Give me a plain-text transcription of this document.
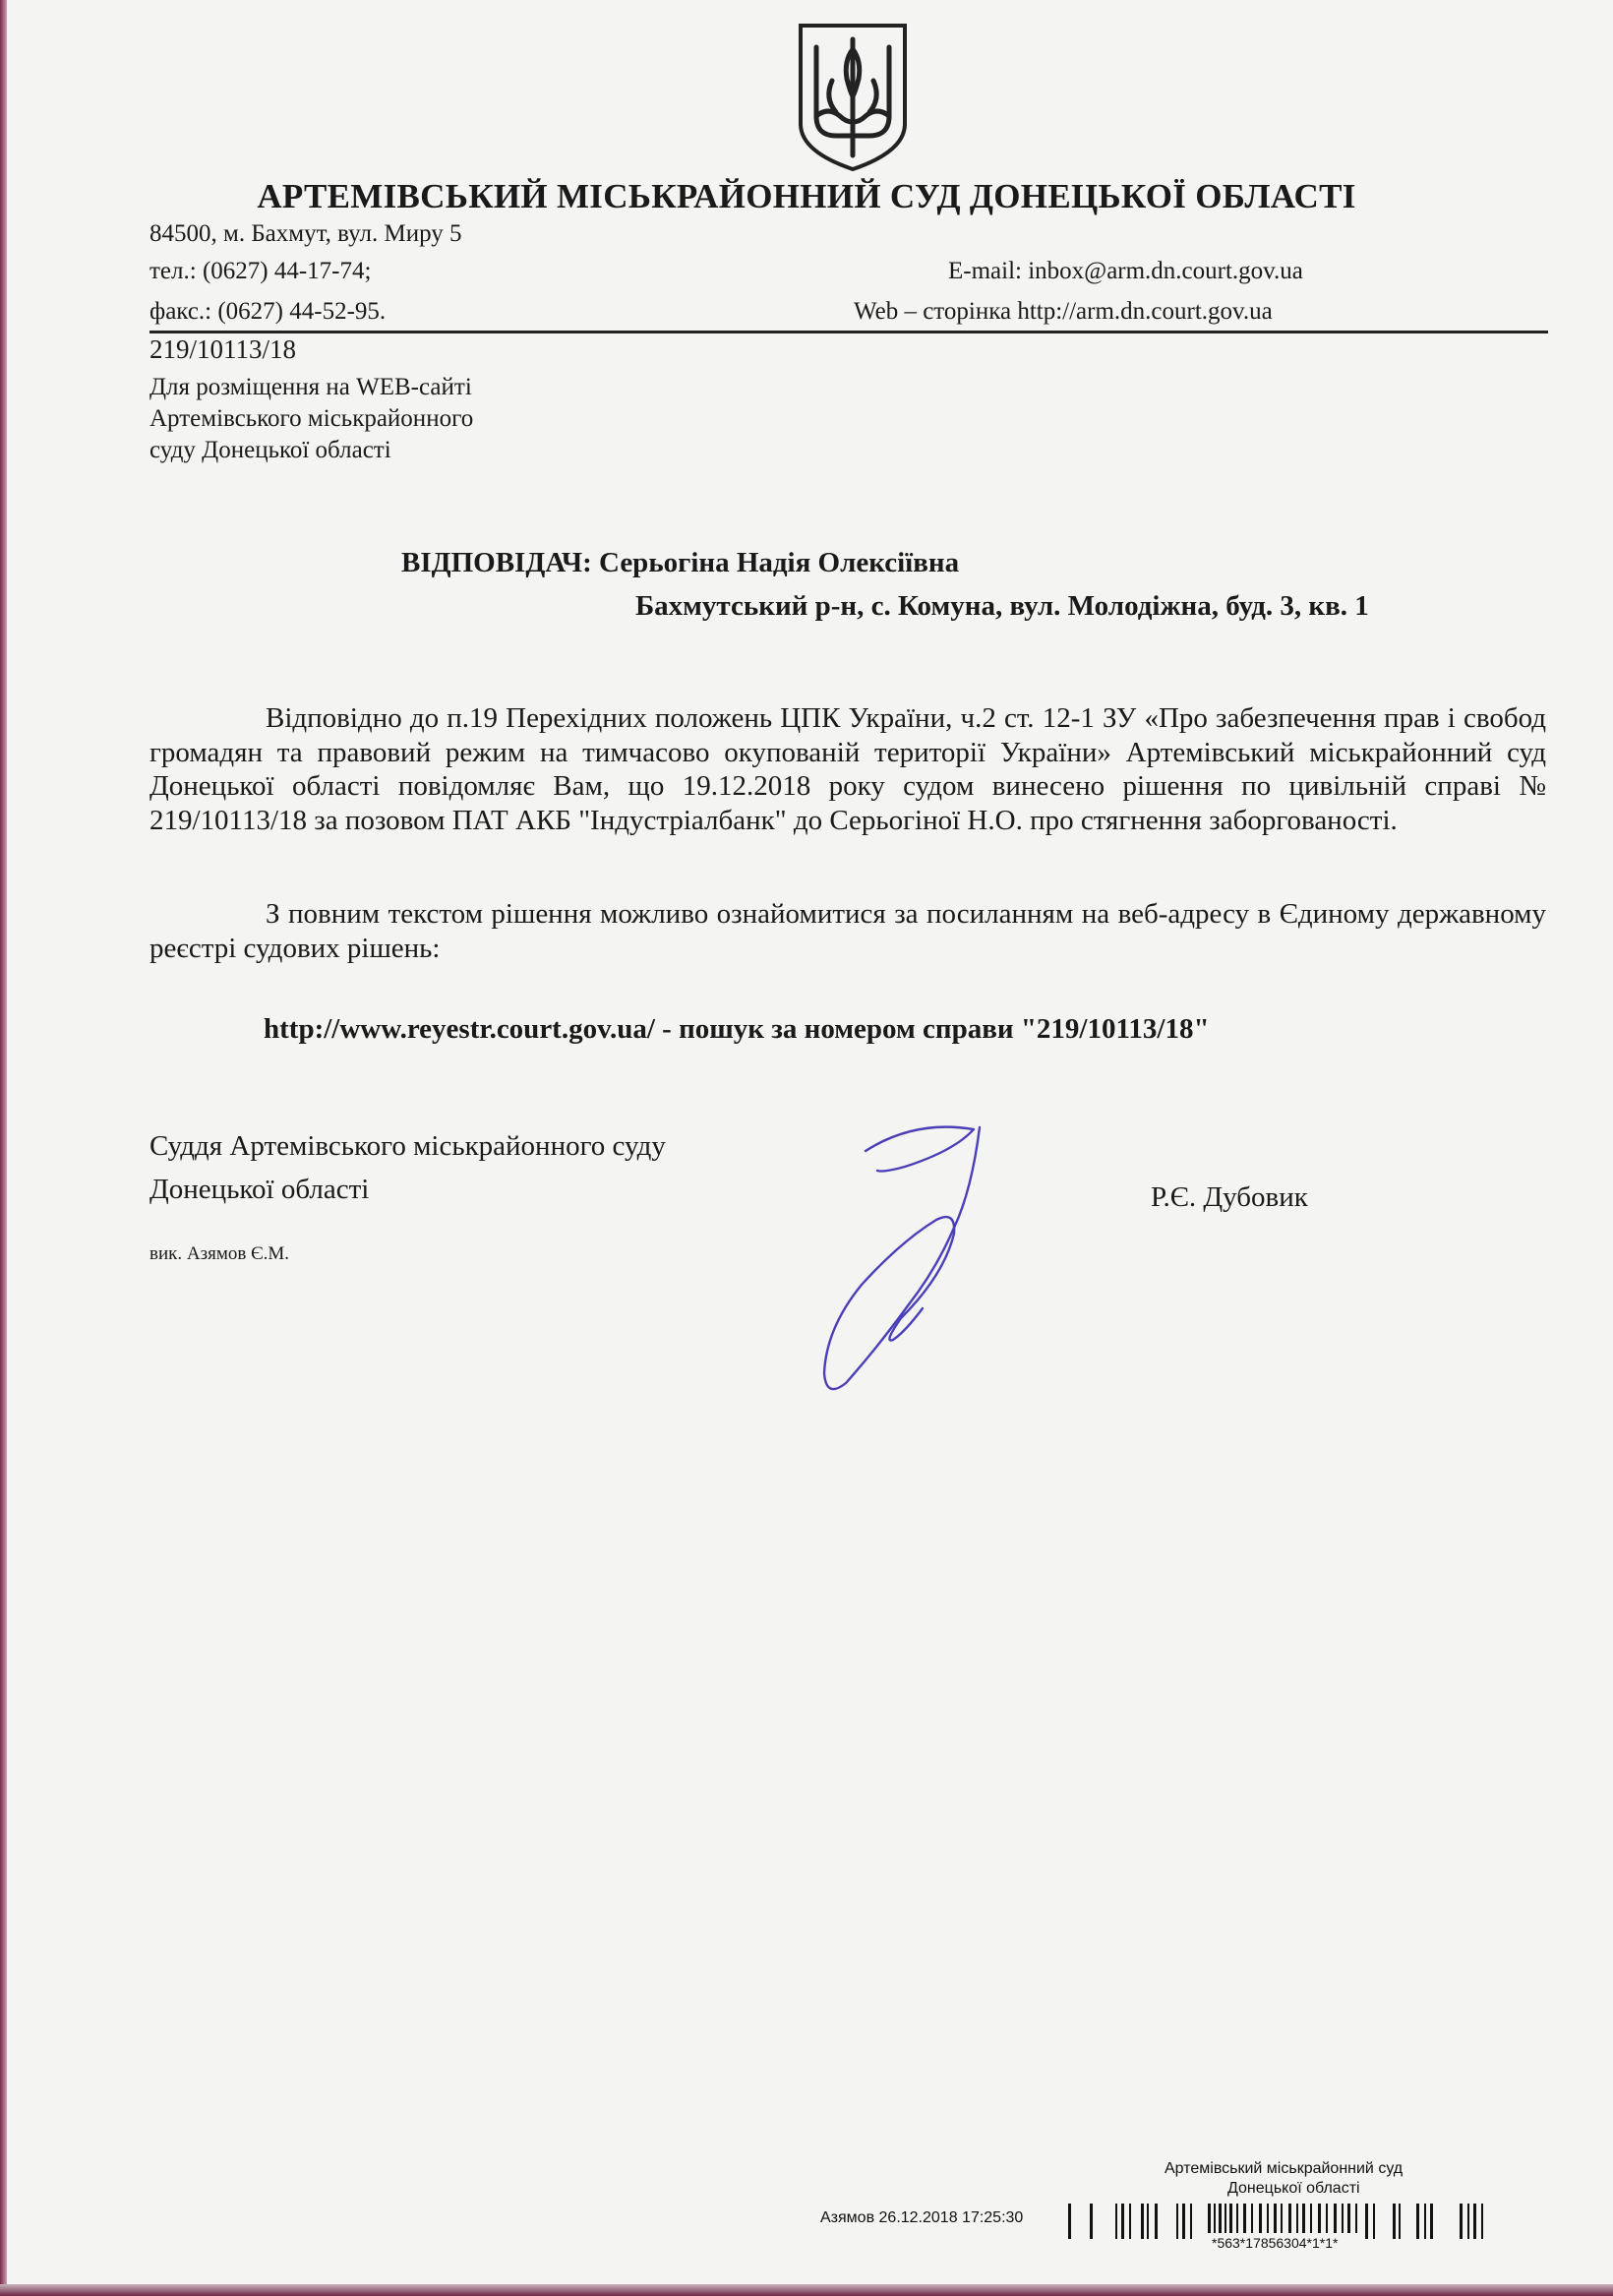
АРТЕМІВСЬКИЙ МІСЬКРАЙОННИЙ СУД ДОНЕЦЬКОЇ ОБЛАСТІ
84500, м. Бахмут, вул. Миру 5
тел.: (0627) 44-17-74;
факс.: (0627) 44-52-95.
E-mail: inbox@arm.dn.court.gov.ua
Web – сторінка http://arm.dn.court.gov.ua
219/10113/18
Для розміщення на WEB-сайті
Артемівського міськрайонного
суду Донецької області
ВІДПОВІДАЧ: Серьогіна Надія Олексіївна
Бахмутський р-н, с. Комуна, вул. Молодіжна, буд. 3, кв. 1
Відповідно до п.19 Перехідних положень ЦПК України, ч.2 ст. 12-1 ЗУ «Про забезпечення прав і свобод громадян та правовий режим на тимчасово окупованій території України» Артемівський міськрайонний суд Донецької області повідомляє Вам, що 19.12.2018 року судом винесено рішення по цивільній справі № 219/10113/18 за позовом ПАТ АКБ "Індустріалбанк" до Серьогіної Н.О. про стягнення заборгованості.
З повним текстом рішення можливо ознайомитися за посиланням на веб-адресу в Єдиному державному реєстрі судових рішень:
http://www.reyestr.court.gov.ua/ - пошук за номером справи "219/10113/18"
Суддя Артемівського міськрайонного суду
Донецької області	Р.Є. Дубовик
вик. Азямов Є.М.
Артемівський міськрайонний суд
Донецької області
Азямов 26.12.2018 17:25:30
*563*17856304*1*1*
